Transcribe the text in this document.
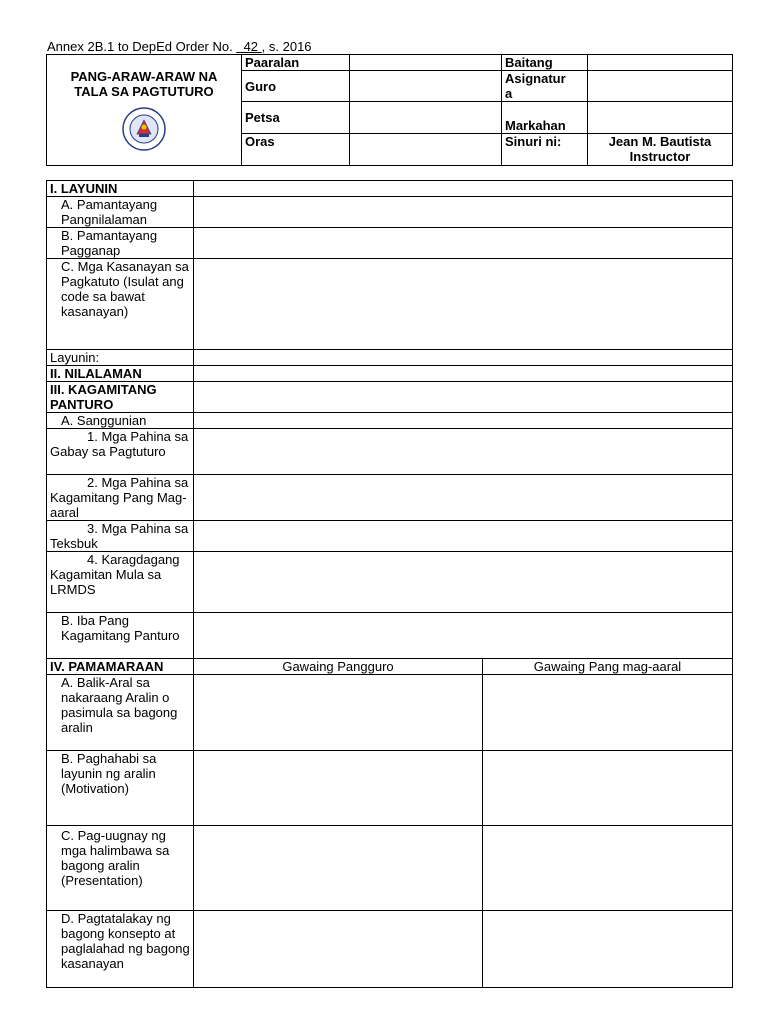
Annex 2B.1 to DepEd Order No. 42 , s. 2016
PANG-ARAW-ARAW NA
TALA SA PAGTUTURO	Paaralan		Baitang	
	Guro		Asignatur
a	
	Petsa		Markahan	
	Oras		Sinuri ni:	Jean M. Bautista
Instructor
I. LAYUNIN		
A. Pamantayang Pangnilalaman		
B. Pamantayang Pagganap		
C. Mga Kasanayan sa Pagkatuto (Isulat ang code sa bawat kasanayan)		
Layunin:		
II. NILALAMAN		
III. KAGAMITANG PANTURO		
A. Sanggunian		
1. Mga Pahina sa Gabay sa Pagtuturo		
2. Mga Pahina sa Kagamitang Pang Mag-aaral		
3. Mga Pahina sa Teksbuk		
4. Karagdagang Kagamitan Mula sa LRMDS		
B. Iba Pang Kagamitang Panturo		
IV. PAMAMARAAN	Gawaing Pangguro	Gawaing Pang mag-aaral
A. Balik-Aral sa nakaraang Aralin o pasimula sa bagong aralin		
B. Paghahabi sa layunin ng aralin (Motivation)		
C. Pag-uugnay ng mga halimbawa sa bagong aralin (Presentation)		
D. Pagtatalakay ng bagong konsepto at paglalahad ng bagong kasanayan		
